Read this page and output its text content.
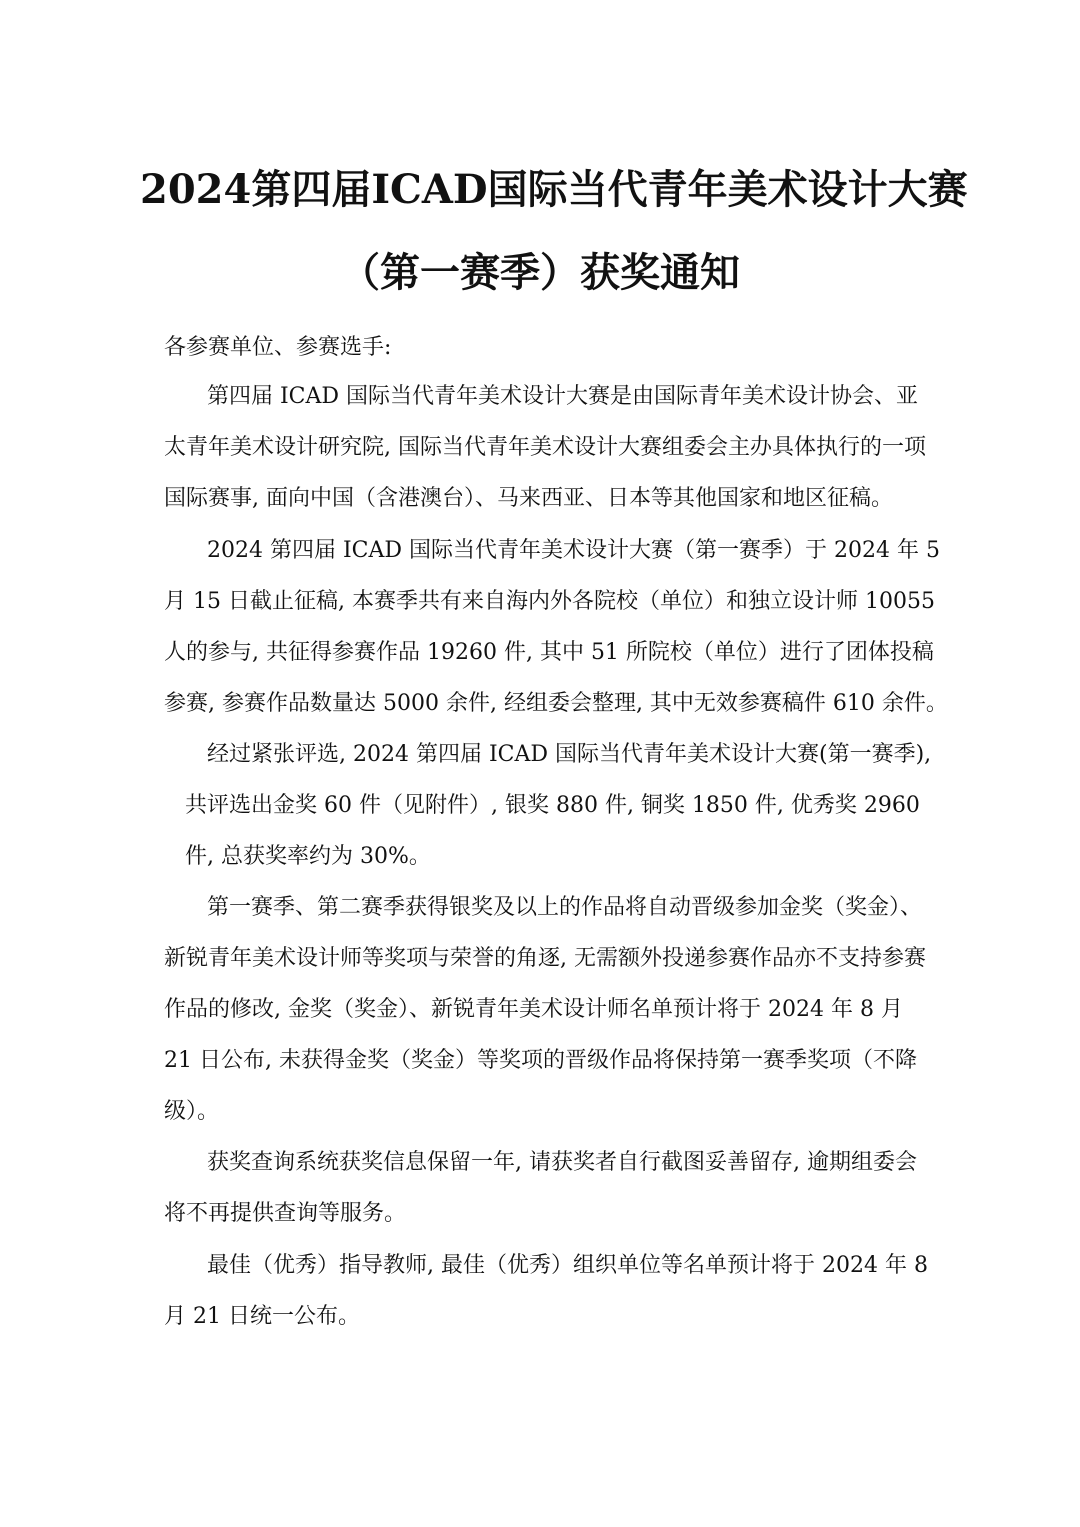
2024第四届ICAD国际当代青年美术设计大赛
（第一赛季）获奖通知
各参赛单位、参赛选手:
第四届 ICAD 国际当代青年美术设计大赛是由国际青年美术设计协会、亚
太青年美术设计研究院, 国际当代青年美术设计大赛组委会主办具体执行的一项
国际赛事, 面向中国（含港澳台）、马来西亚、日本等其他国家和地区征稿。
2024 第四届 ICAD 国际当代青年美术设计大赛（第一赛季）于 2024 年 5
月 15 日截止征稿, 本赛季共有来自海内外各院校（单位）和独立设计师 10055
人的参与, 共征得参赛作品 19260 件, 其中 51 所院校（单位）进行了团体投稿
参赛, 参赛作品数量达 5000 余件, 经组委会整理, 其中无效参赛稿件 610 余件。
经过紧张评选, 2024 第四届 ICAD 国际当代青年美术设计大赛(第一赛季),
共评选出金奖 60 件（见附件）, 银奖 880 件, 铜奖 1850 件, 优秀奖 2960
件, 总获奖率约为 30%。
第一赛季、第二赛季获得银奖及以上的作品将自动晋级参加金奖（奖金）、
新锐青年美术设计师等奖项与荣誉的角逐, 无需额外投递参赛作品亦不支持参赛
作品的修改, 金奖（奖金）、新锐青年美术设计师名单预计将于 2024 年 8 月
21 日公布, 未获得金奖（奖金）等奖项的晋级作品将保持第一赛季奖项（不降
级）。
获奖查询系统获奖信息保留一年, 请获奖者自行截图妥善留存, 逾期组委会
将不再提供查询等服务。
最佳（优秀）指导教师, 最佳（优秀）组织单位等名单预计将于 2024 年 8
月 21 日统一公布。
